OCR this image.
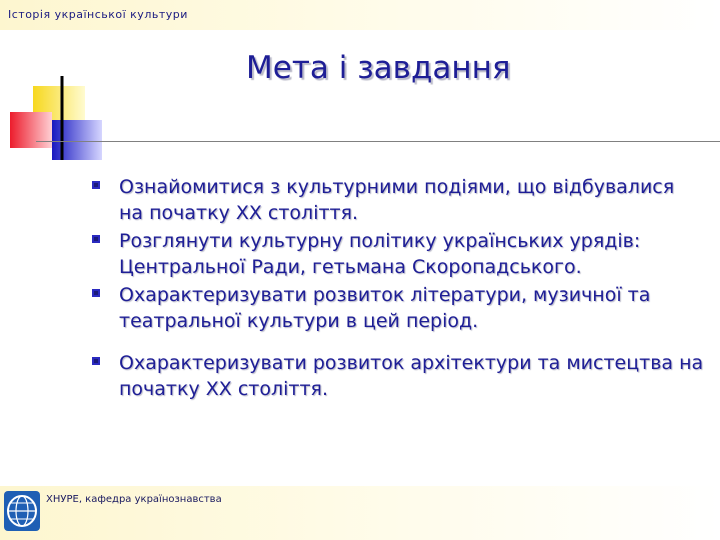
Історія української культури
Мета і завдання
Ознайомитися з культурними подіями, що відбувалися на початку XX століття.
Розглянути культурну політику українських урядів: Центральної Ради, гетьмана Скоропадського.
Охарактеризувати розвиток літератури, музичної та театральної культури в цей період.
Охарактеризувати розвиток архітектури та мистецтва на початку XX століття.
ХНУРЕ, кафедра українознавства
